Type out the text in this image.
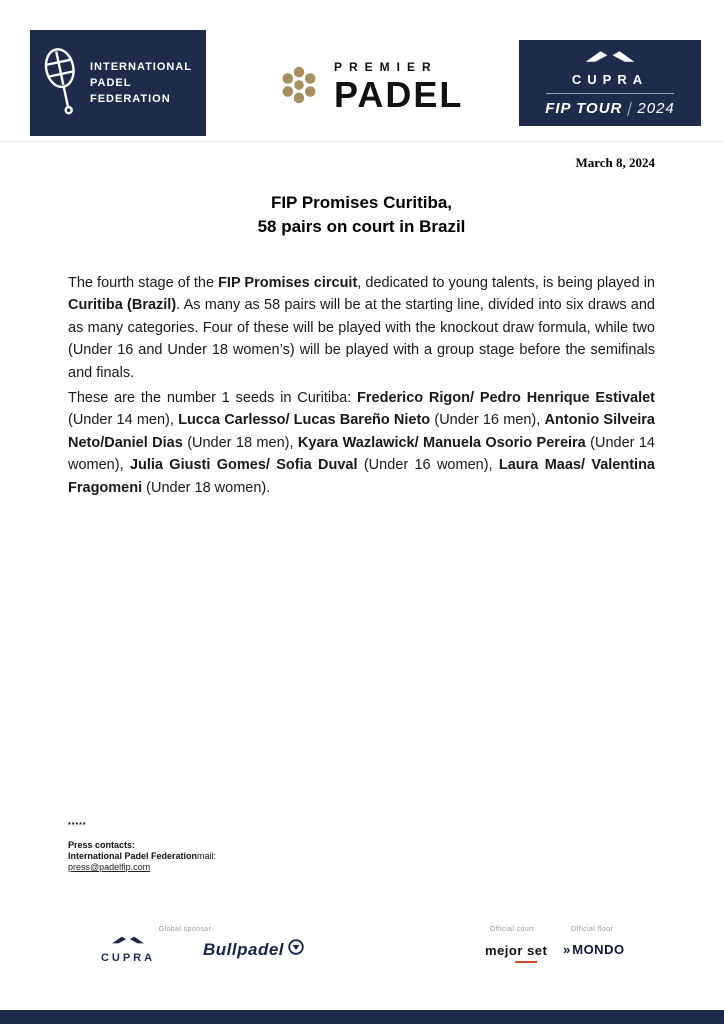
INTERNATIONAL
PADEL
FEDERATION
PREMIER
PADEL	CUPRA
FIP TOUR 2024
March 8, 2024
FIP Promises Curitiba,
58 pairs on court in Brazil

The fourth stage of the FIP Promises circuit, dedicated to young talents, is being played in Curitiba (Brazil). As many as 58 pairs will be at the starting line, divided into six draws and as many categories. Four of these will be played with the knockout draw formula, while two (Under 16 and Under 18 women’s) will be played with a group stage before the semifinals and finals.

These are the number 1 seeds in Curitiba: Frederico Rigon/ Pedro Henrique Estivalet (Under 14 men), Lucca Carlesso/ Lucas Bareño Nieto (Under 16 men), Antonio Silveira Neto/Daniel Dias (Under 18 men), Kyara Wazlawick/ Manuela Osorio Pereira (Under 14 women), Julia Giusti Gomes/ Sofia Duval (Under 16 women), Laura Maas/ Valentina Fragomeni (Under 18 women).

*****
Press contacts:
International Padel Federationmail:
press@padelfip.com
Global sponsor	Official court	Official floor
CUPRA	Bullpadel	mejor set » MONDO
